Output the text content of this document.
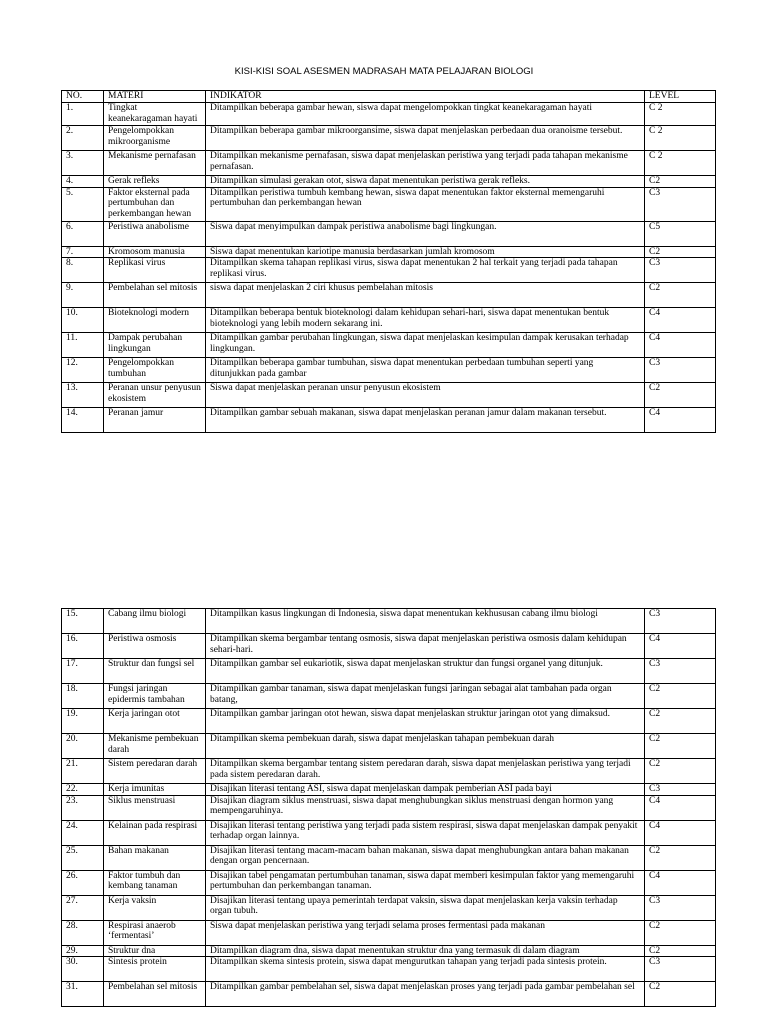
KISI-KISI SOAL ASESMEN MADRASAH MATA PELAJARAN BIOLOGI
NO.	MATERI	INDIKATOR	LEVEL
1.	Tingkat keanekaragaman hayati	Ditampilkan beberapa gambar hewan, siswa dapat mengelompokkan tingkat keanekaragaman hayati	C 2
2.	Pengelompokkan mikroorganisme	Ditampilkan beberapa gambar mikroorgansime, siswa dapat menjelaskan perbedaan dua oranoisme tersebut.	C 2
3.	Mekanisme pernafasan	Ditampilkan mekanisme pernafasan, siswa dapat menjelaskan peristiwa yang terjadi pada tahapan mekanisme pernafasan.	C 2
4.	Gerak refleks	Ditampilkan simulasi gerakan otot, siswa dapat menentukan peristiwa gerak refleks.	C2
5.	Faktor eksternal pada pertumbuhan dan perkembangan hewan	Ditampilkan peristiwa tumbuh kembang hewan, siswa dapat menentukan faktor eksternal memengaruhi pertumbuhan dan perkembangan hewan	C3
6.	Peristiwa anabolisme	Siswa dapat menyimpulkan dampak peristiwa anabolisme bagi lingkungan.	C5
7.	Kromosom manusia	Siswa dapat menentukan kariotipe manusia berdasarkan jumlah kromosom	C2
8.	Replikasi virus	Ditampilkan skema tahapan replikasi virus, siswa dapat menentukan 2 hal terkait yang terjadi pada tahapan replikasi virus.	C3
9.	Pembelahan sel mitosis	siswa dapat menjelaskan 2 ciri khusus pembelahan mitosis	C2
10.	Bioteknologi modern	Ditampilkan beberapa bentuk bioteknologi dalam kehidupan sehari-hari, siswa dapat menentukan bentuk bioteknologi yang lebih modern sekarang ini.	C4
11.	Dampak perubahan lingkungan	Ditampilkan gambar perubahan lingkungan, siswa dapat menjelaskan kesimpulan dampak kerusakan terhadap lingkungan.	C4
12.	Pengelompokkan tumbuhan	Ditampilkan beberapa gambar tumbuhan, siswa dapat menentukan perbedaan tumbuhan seperti yang ditunjukkan pada gambar	C3
13.	Peranan unsur penyusun ekosistem	Siswa dapat menjelaskan peranan unsur penyusun ekosistem	C2
14.	Peranan jamur	Ditampilkan gambar sebuah makanan, siswa dapat menjelaskan peranan jamur dalam makanan tersebut.	C4
15.	Cabang ilmu biologi	Ditampilkan kasus lingkungan di Indonesia, siswa dapat menentukan kekhususan cabang ilmu biologi	C3
16.	Peristiwa osmosis	Ditampilkan skema bergambar tentang osmosis, siswa dapat menjelaskan peristiwa osmosis dalam kehidupan sehari-hari.	C4
17.	Struktur dan fungsi sel	Ditampilkan gambar sel eukariotik, siswa dapat menjelaskan struktur dan fungsi organel yang ditunjuk.	C3
18.	Fungsi jaringan epidermis tambahan	Ditampilkan gambar tanaman, siswa dapat menjelaskan fungsi jaringan sebagai alat tambahan pada organ batang,	C2
19.	Kerja jaringan otot	Ditampilkan gambar jaringan otot hewan, siswa dapat menjelaskan struktur jaringan otot yang dimaksud.	C2
20.	Mekanisme pembekuan darah	Ditampilkan skema pembekuan darah, siswa dapat menjelaskan tahapan pembekuan darah	C2
21.	Sistem peredaran darah	Ditampilkan skema bergambar tentang sistem peredaran darah, siswa dapat menjelaskan peristiwa yang terjadi pada sistem peredaran darah.	C2
22.	Kerja imunitas	Disajikan literasi tentang ASI, siswa dapat menjelaskan dampak pemberian ASI pada bayi	C3
23.	Siklus menstruasi	Disajikan diagram siklus menstruasi, siswa dapat menghubungkan siklus menstruasi dengan hormon yang mempengaruhinya.	C4
24.	Kelainan pada respirasi	Disajikan literasi tentang peristiwa yang terjadi pada sistem respirasi, siswa dapat menjelaskan dampak penyakit terhadap organ lainnya.	C4
25.	Bahan makanan	Disajikan literasi tentang macam-macam bahan makanan, siswa dapat menghubungkan antara bahan makanan dengan organ pencernaan.	C2
26.	Faktor tumbuh dan kembang tanaman	Disajikan tabel pengamatan pertumbuhan tanaman, siswa dapat memberi kesimpulan faktor yang memengaruhi pertumbuhan dan perkembangan tanaman.	C4
27.	Kerja vaksin	Disajikan literasi tentang upaya pemerintah terdapat vaksin, siswa dapat menjelaskan kerja vaksin terhadap organ tubuh.	C3
28.	Respirasi anaerob ‘fermentasi’	Siswa dapat menjelaskan peristiwa yang terjadi selama proses fermentasi pada makanan	C2
29.	Struktur dna	Ditampilkan diagram dna, siswa dapat menentukan struktur dna yang termasuk di dalam diagram	C2
30.	Sintesis protein	Ditampilkan skema sintesis protein, siswa dapat mengurutkan tahapan yang terjadi pada sintesis protein.	C3
31.	Pembelahan sel mitosis	Ditampilkan gambar pembelahan sel, siswa dapat menjelaskan proses yang terjadi pada gambar pembelahan sel	C2
